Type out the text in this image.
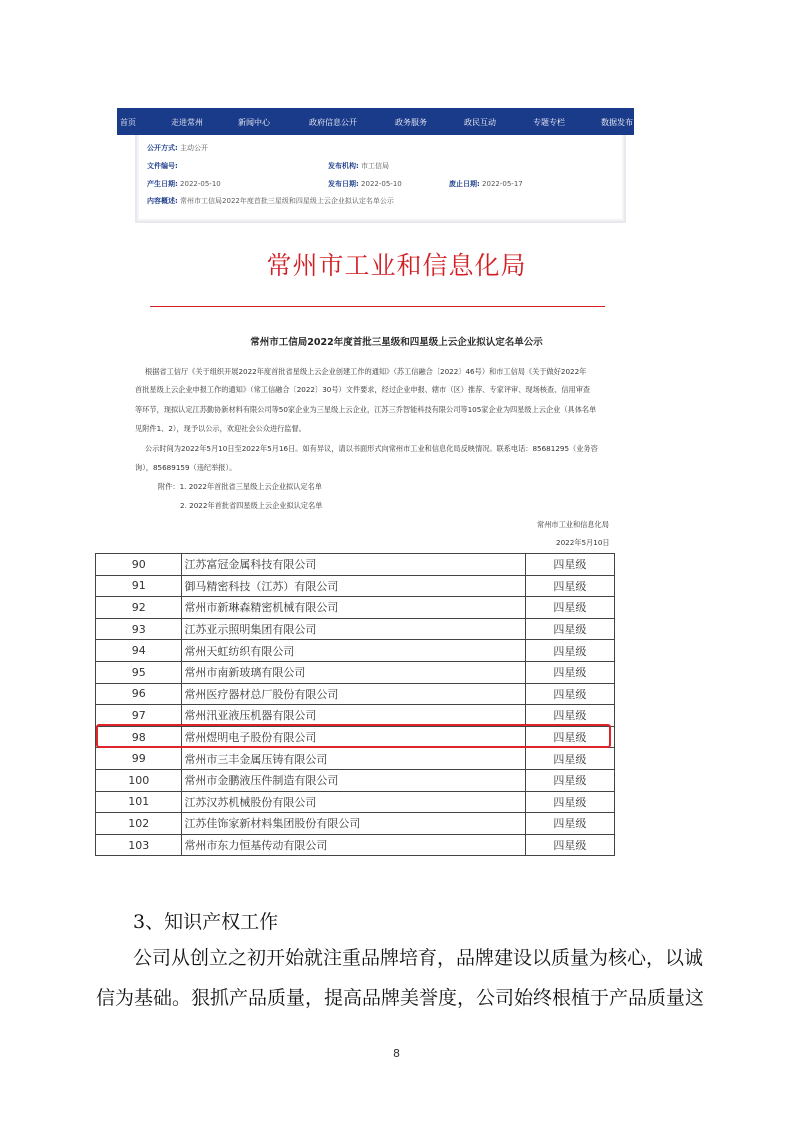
首页	走进常州	新闻中心	政府信息公开	政务服务	政民互动	专题专栏	数据发布
公开方式: 主动公开
文件编号:	发布机构: 市工信局
产生日期: 2022-05-10	发布日期: 2022-05-10	废止日期: 2022-05-17
内容概述: 常州市工信局2022年度首批三星级和四星级上云企业拟认定名单公示
常州市工业和信息化局
常州市工信局2022年度首批三星级和四星级上云企业拟认定名单公示
根据省工信厅《关于组织开展2022年度首批省星级上云企业创建工作的通知》（苏工信融合〔2022〕46号）和市工信局《关于做好2022年
首批星级上云企业申报工作的通知》（常工信融合〔2022〕30号）文件要求，经过企业申报、辖市（区）推荐、专家评审、现场核查、信用审查
等环节，现拟认定江苏勤协新材料有限公司等50家企业为三星级上云企业，江苏三乔智能科技有限公司等105家企业为四星级上云企业（具体名单
见附件1、2），现予以公示，欢迎社会公众进行监督。
公示时间为2022年5月10日至2022年5月16日。如有异议，请以书面形式向常州市工业和信息化局反映情况。联系电话：85681295（业务咨
询），85689159（违纪举报）。
附件：1. 2022年首批省三星级上云企业拟认定名单
2. 2022年首批省四星级上云企业拟认定名单
常州市工业和信息化局
2022年5月10日
90	江苏富冠金属科技有限公司	四星级
91	御马精密科技（江苏）有限公司	四星级
92	常州市新琳森精密机械有限公司	四星级
93	江苏亚示照明集团有限公司	四星级
94	常州天虹纺织有限公司	四星级
95	常州市南新玻璃有限公司	四星级
96	常州医疗器材总厂股份有限公司	四星级
97	常州汛亚液压机器有限公司	四星级
98	常州煜明电子股份有限公司	四星级
99	常州市三丰金属压铸有限公司	四星级
100	常州市金鹏液压件制造有限公司	四星级
101	江苏汉苏机械股份有限公司	四星级
102	江苏佳饰家新材料集团股份有限公司	四星级
103	常州市东力恒基传动有限公司	四星级
3、知识产权工作
公司从创立之初开始就注重品牌培育，品牌建设以质量为核心，以诚
信为基础。狠抓产品质量，提高品牌美誉度，公司始终根植于产品质量这
8
